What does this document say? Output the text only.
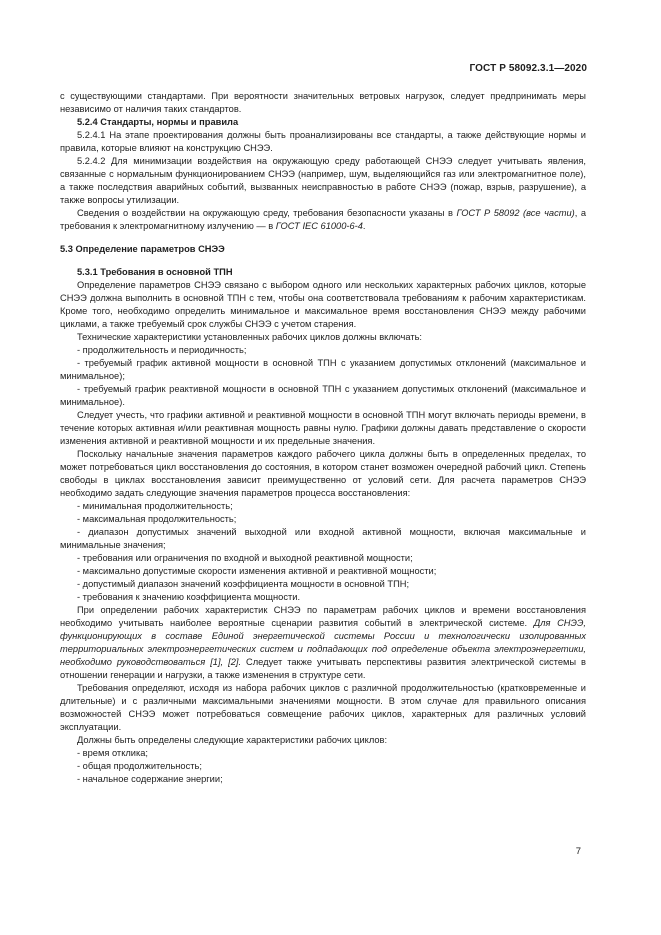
ГОСТ Р 58092.3.1—2020

с существующими стандартами. При вероятности значительных ветровых нагрузок, следует предпринимать меры независимо от наличия таких стандартов.

5.2.4 Стандарты, нормы и правила

5.2.4.1 На этапе проектирования должны быть проанализированы все стандарты, а также действующие нормы и правила, которые влияют на конструкцию СНЭЭ.

5.2.4.2 Для минимизации воздействия на окружающую среду работающей СНЭЭ следует учитывать явления, связанные с нормальным функционированием СНЭЭ (например, шум, выделяющийся газ или электромагнитное поле), а также последствия аварийных событий, вызванных неисправностью в работе СНЭЭ (пожар, взрыв, разрушение), а также вопросы утилизации.

Сведения о воздействии на окружающую среду, требования безопасности указаны в ГОСТ Р 58092 (все части), а требования к электромагнитному излучению — в ГОСТ IEC 61000-6-4.

5.3 Определение параметров СНЭЭ

5.3.1 Требования в основной ТПН

Определение параметров СНЭЭ связано с выбором одного или нескольких характерных рабочих циклов, которые СНЭЭ должна выполнить в основной ТПН с тем, чтобы она соответствовала требованиям к рабочим характеристикам. Кроме того, необходимо определить минимальное и максимальное время восстановления СНЭЭ между рабочими циклами, а также требуемый срок службы СНЭЭ с учетом старения.

Технические характеристики установленных рабочих циклов должны включать:

- продолжительность и периодичность;

- требуемый график активной мощности в основной ТПН с указанием допустимых отклонений (максимальное и минимальное);

- требуемый график реактивной мощности в основной ТПН с указанием допустимых отклонений (максимальное и минимальное).

Следует учесть, что графики активной и реактивной мощности в основной ТПН могут включать периоды времени, в течение которых активная и/или реактивная мощность равны нулю. Графики должны давать представление о скорости изменения активной и реактивной мощности и их предельные значения.

Поскольку начальные значения параметров каждого рабочего цикла должны быть в определенных пределах, то может потребоваться цикл восстановления до состояния, в котором станет возможен очередной рабочий цикл. Степень свободы в циклах восстановления зависит преимущественно от условий сети. Для расчета параметров СНЭЭ необходимо задать следующие значения параметров процесса восстановления:

- минимальная продолжительность;

- максимальная продолжительность;

- диапазон допустимых значений выходной или входной активной мощности, включая максимальные и минимальные значения;

- требования или ограничения по входной и выходной реактивной мощности;

- максимально допустимые скорости изменения активной и реактивной мощности;

- допустимый диапазон значений коэффициента мощности в основной ТПН;

- требования к значению коэффициента мощности.

При определении рабочих характеристик СНЭЭ по параметрам рабочих циклов и времени восстановления необходимо учитывать наиболее вероятные сценарии развития событий в электрической системе. Для СНЭЭ, функционирующих в составе Единой энергетической системы России и технологически изолированных территориальных электроэнергетических систем и подпадающих под определение объекта электроэнергетики, необходимо руководствоваться [1], [2]. Следует также учитывать перспективы развития электрической системы в отношении генерации и нагрузки, а также изменения в структуре сети.

Требования определяют, исходя из набора рабочих циклов с различной продолжительностью (кратковременные и длительные) и с различными максимальными значениями мощности. В этом случае для правильного описания возможностей СНЭЭ может потребоваться совмещение рабочих циклов, характерных для различных условий эксплуатации.

Должны быть определены следующие характеристики рабочих циклов:

- время отклика;

- общая продолжительность;

- начальное содержание энергии;

7
